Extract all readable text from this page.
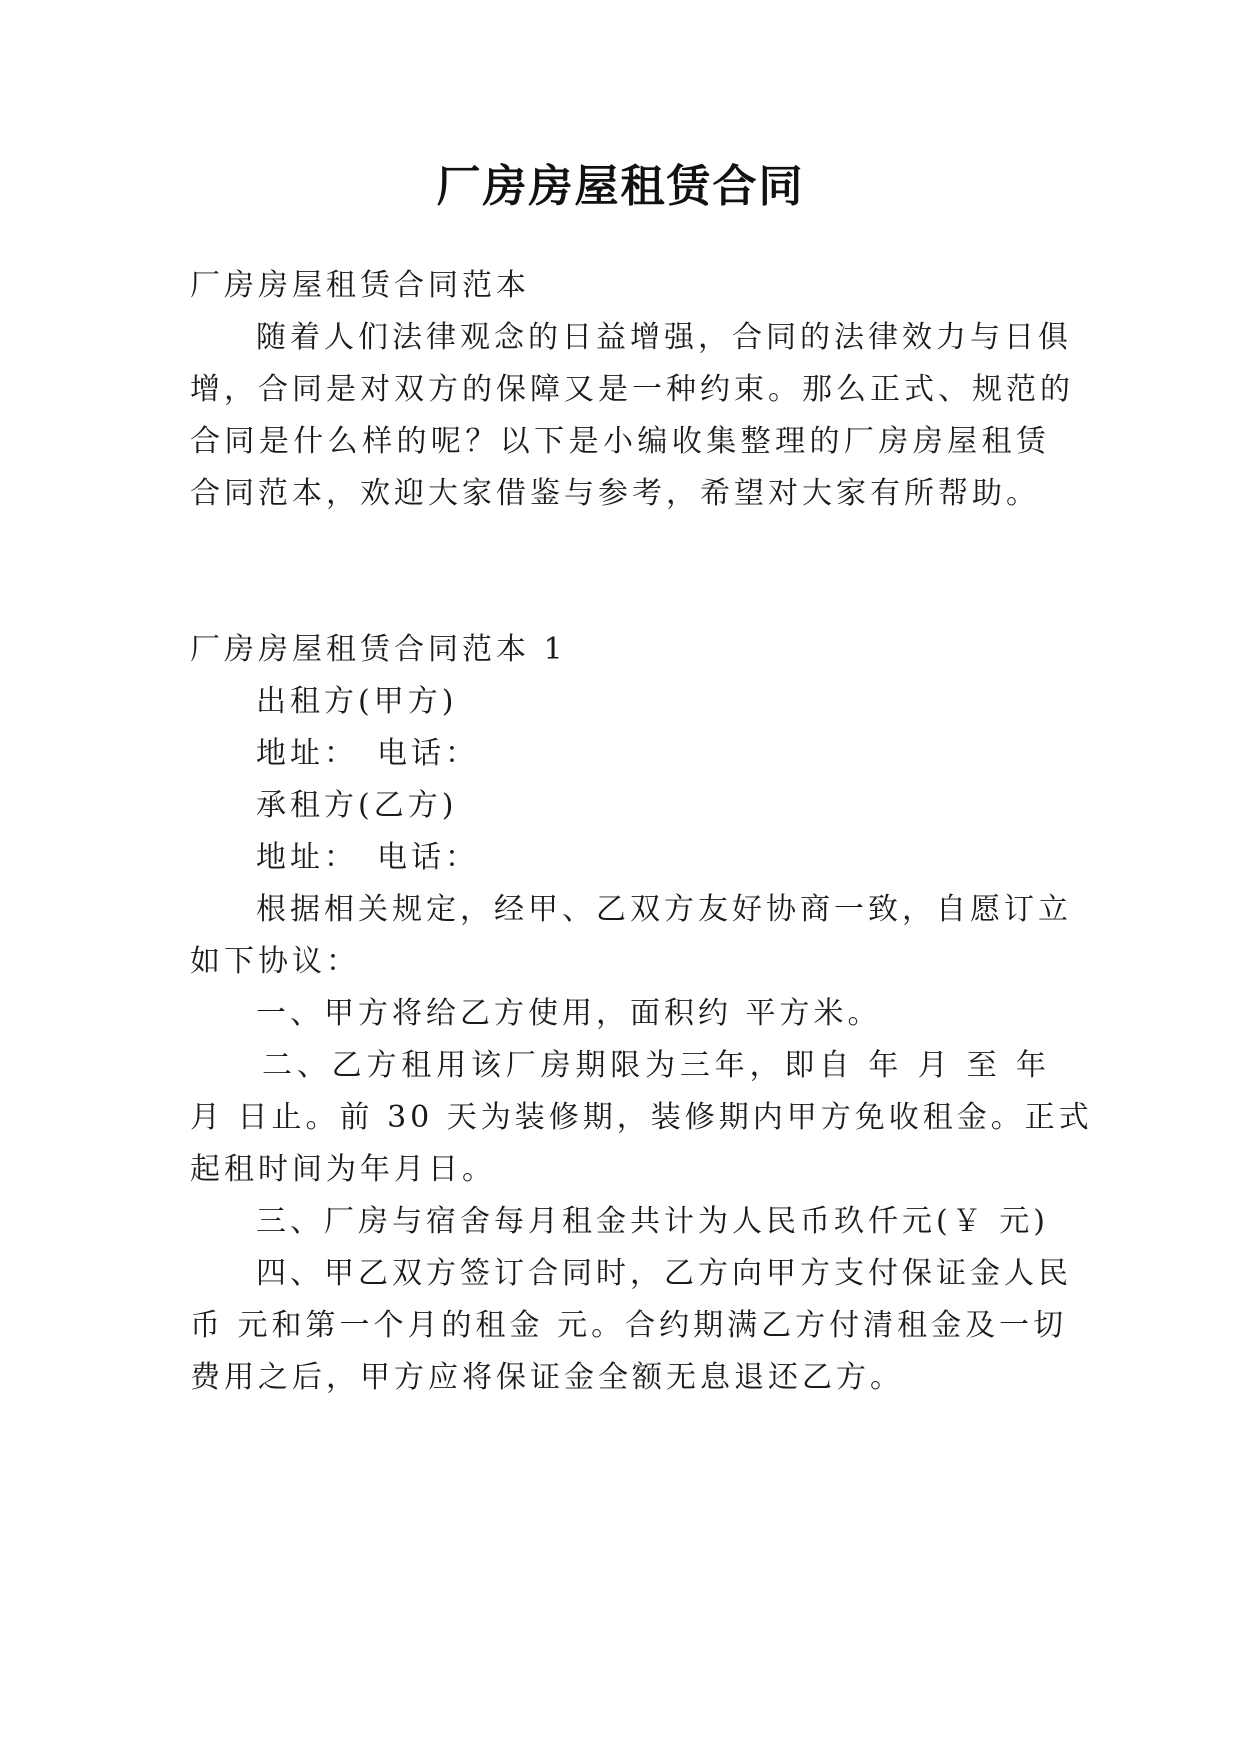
厂房房屋租赁合同
厂房房屋租赁合同范本
随着人们法律观念的日益增强，合同的法律效力与日俱
增，合同是对双方的保障又是一种约束。那么正式、规范的
合同是什么样的呢？以下是小编收集整理的厂房房屋租赁
合同范本，欢迎大家借鉴与参考，希望对大家有所帮助。
厂房房屋租赁合同范本 1
出租方(甲方)
地址：　电话：
承租方(乙方)
地址：　电话：
根据相关规定，经甲、乙双方友好协商一致，自愿订立
如下协议：
一、甲方将给乙方使用，面积约 平方米。
二、乙方租用该厂房期限为三年，即自 年 月 至 年
月 日止。前 30 天为装修期，装修期内甲方免收租金。正式
起租时间为年月日。
三、厂房与宿舍每月租金共计为人民币玖仟元(￥ 元)
四、甲乙双方签订合同时，乙方向甲方支付保证金人民
币 元和第一个月的租金 元。合约期满乙方付清租金及一切
费用之后，甲方应将保证金全额无息退还乙方。
